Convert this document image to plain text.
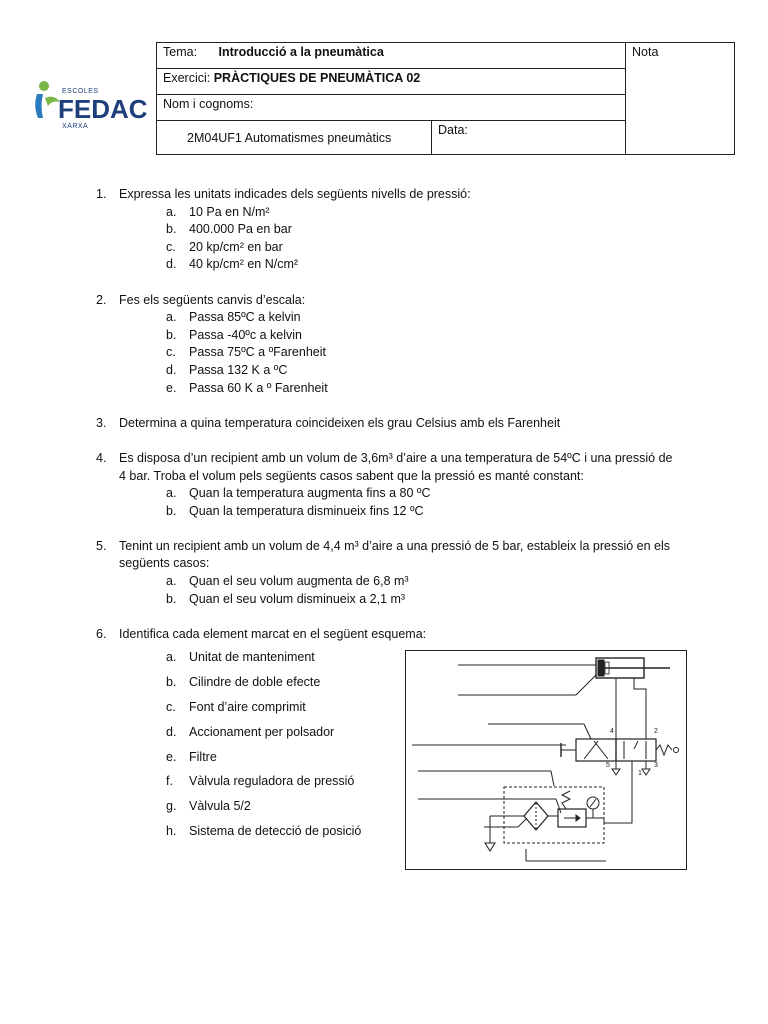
ESCOLES
FEDAC
XARXA
Tema: Introducció a la pneumàtica		Nota
Exercici: PRÀCTIQUES DE PNEUMÀTICA 02		
Nom i cognoms:		
2M04UF1 Automatismes pneumàtics	Data:	
1. Expressa les unitats indicades dels següents nivells de pressió:
a. 10 Pa en N/m²
b. 400.000 Pa en bar
c. 20 kp/cm² en bar
d. 40 kp/cm² en N/cm²
2. Fes els següents canvis d’escala:
a. Passa 85ºC a kelvin
b. Passa -40ºc a kelvin
c. Passa 75ºC a ºFarenheit
d. Passa 132 K a ºC
e. Passa 60 K a º Farenheit
3. Determina a quina temperatura coincideixen els grau Celsius amb els Farenheit
4. Es disposa d’un recipient amb un volum de 3,6m³ d’aire a una temperatura de 54ºC i una pressió de
4 bar. Troba el volum pels següents casos sabent que la pressió es manté constant:
a. Quan la temperatura augmenta fins a 80 ºC
b. Quan la temperatura disminueix fins 12 ºC
5. Tenint un recipient amb un volum de 4,4 m³ d’aire a una pressió de 5 bar, estableix la pressió en els
següents casos:
a. Quan el seu volum augmenta de 6,8 m³
b. Quan el seu volum disminueix a 2,1 m³
6. Identifica cada element marcat en el següent esquema:
a. Unitat de manteniment
b. Cilindre de doble efecte
c. Font d’aire comprimit
d. Accionament per polsador
e. Filtre
f. Vàlvula reguladora de pressió
g. Vàlvula 5/2
h. Sistema de detecció de posició
4	2
5	3
1
